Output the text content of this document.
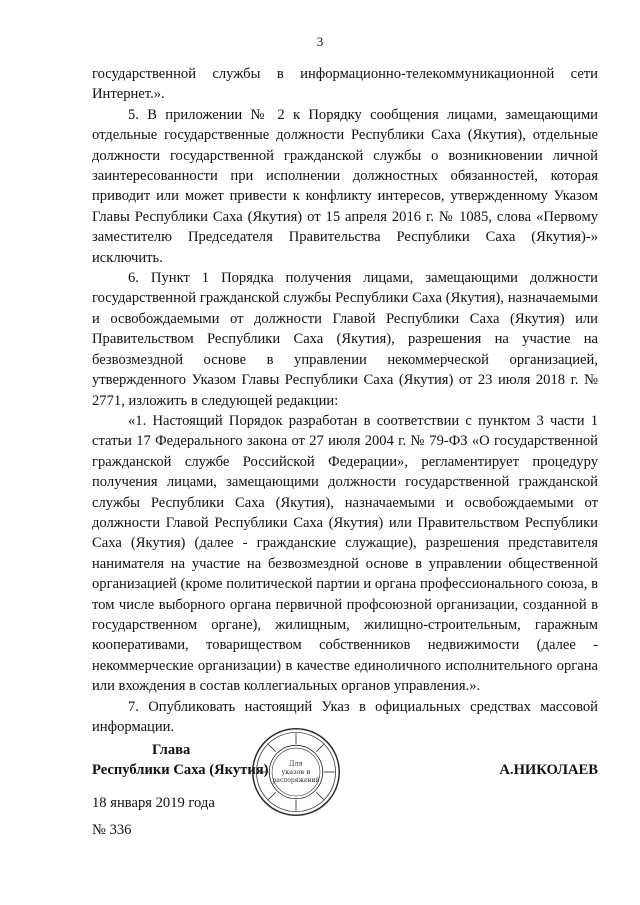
3

государственной службы в информационно-телекоммуникационной сети Интернет.».

5. В приложении № 2 к Порядку сообщения лицами, замещающими отдельные государственные должности Республики Саха (Якутия), отдельные должности государственной гражданской службы о возникновении личной заинтересованности при исполнении должностных обязанностей, которая приводит или может привести к конфликту интересов, утвержденному Указом Главы Республики Саха (Якутия) от 15 апреля 2016 г. № 1085, слова «Первому заместителю Председателя Правительства Республики Саха (Якутия)-» исключить.

6. Пункт 1 Порядка получения лицами, замещающими должности государственной гражданской службы Республики Саха (Якутия), назначаемыми и освобождаемыми от должности Главой Республики Саха (Якутия) или Правительством Республики Саха (Якутия), разрешения на участие на безвозмездной основе в управлении некоммерческой организацией, утвержденного Указом Главы Республики Саха (Якутия) от 23 июля 2018 г. № 2771, изложить в следующей редакции:

«1. Настоящий Порядок разработан в соответствии с пунктом 3 части 1 статьи 17 Федерального закона от 27 июля 2004 г. № 79-ФЗ «О государственной гражданской службе Российской Федерации», регламентирует процедуру получения лицами, замещающими должности государственной гражданской службы Республики Саха (Якутия), назначаемыми и освобождаемыми от должности Главой Республики Саха (Якутия) или Правительством Республики Саха (Якутия) (далее - гражданские служащие), разрешения представителя нанимателя на участие на безвозмездной основе в управлении общественной организацией (кроме политической партии и органа профессионального союза, в том числе выборного органа первичной профсоюзной организации, созданной в государственном органе), жилищным, жилищно-строительным, гаражным кооперативами, товариществом собственников недвижимости (далее - некоммерческие организации) в качестве единоличного исполнительного органа или вхождения в состав коллегиальных органов управления.».

7. Опубликовать настоящий Указ в официальных средствах массовой информации.

Глава
Республики Саха (Якутия)	А.НИКОЛАЕВ
Для
указов и
распоряжений
18 января 2019 года
№ 336
